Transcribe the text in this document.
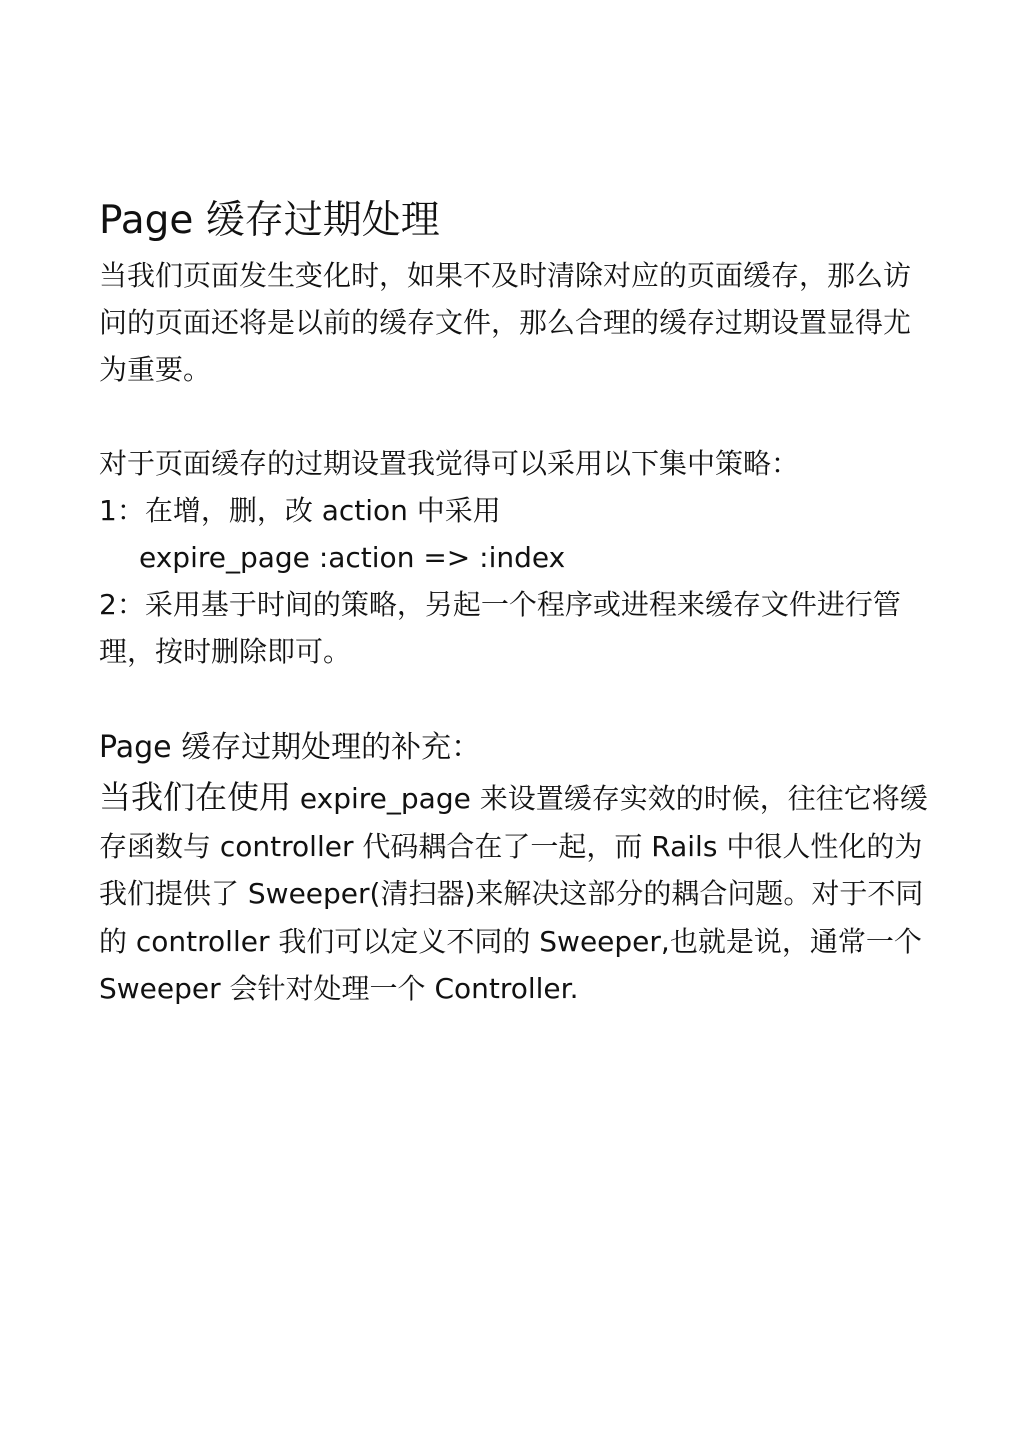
Page 缓存过期处理

当我们页面发生变化时，如果不及时清除对应的页面缓存，那么访问的页面还将是以前的缓存文件，那么合理的缓存过期设置显得尤为重要。

对于页面缓存的过期设置我觉得可以采用以下集中策略：

1：在增，删，改 action 中采用

expire_page :action => :index

2：采用基于时间的策略，另起一个程序或进程来缓存文件进行管理，按时删除即可。

Page 缓存过期处理的补充：

当我们在使用 expire_page 来设置缓存实效的时候，往往它将缓存函数与 controller 代码耦合在了一起，而 Rails 中很人性化的为我们提供了 Sweeper(清扫器)来解决这部分的耦合问题。对于不同的 controller 我们可以定义不同的 Sweeper,也就是说，通常一个 Sweeper 会针对处理一个 Controller.
